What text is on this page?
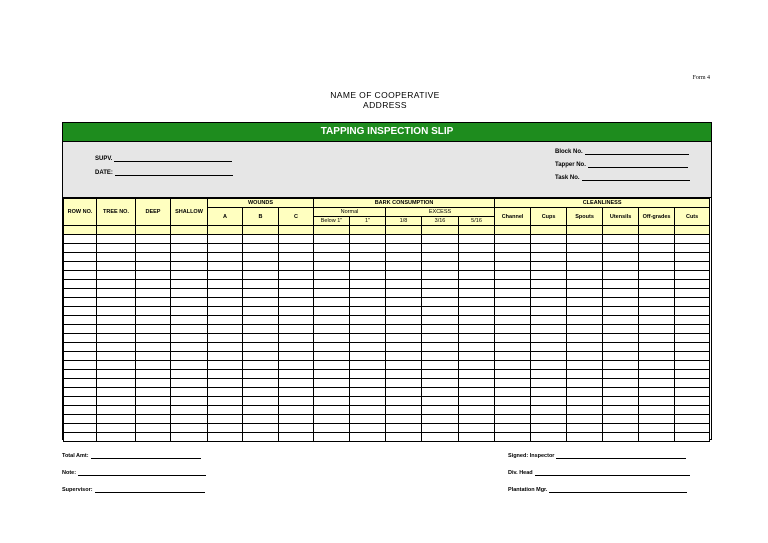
Form 4
NAME OF COOPERATIVE
ADDRESS
TAPPING INSPECTION SLIP
SUPV.
DATE:
Block No.
Tapper No.
Task No.
ROW NO.	TREE NO.	DEEP	SHALLOW	WOUNDS			BARK CONSUMPTION					CLEANLINESS					
				A	B	C	Normal		EXCESS			Channel	Cups	Spouts	Utensils	Off-grades	Cuts
							Below 1"	1"	1/8	3/16	5/16						

Total Amt:
Note:
Supervisor:
Signed: Inspector
Div. Head
Plantation Mgr.
